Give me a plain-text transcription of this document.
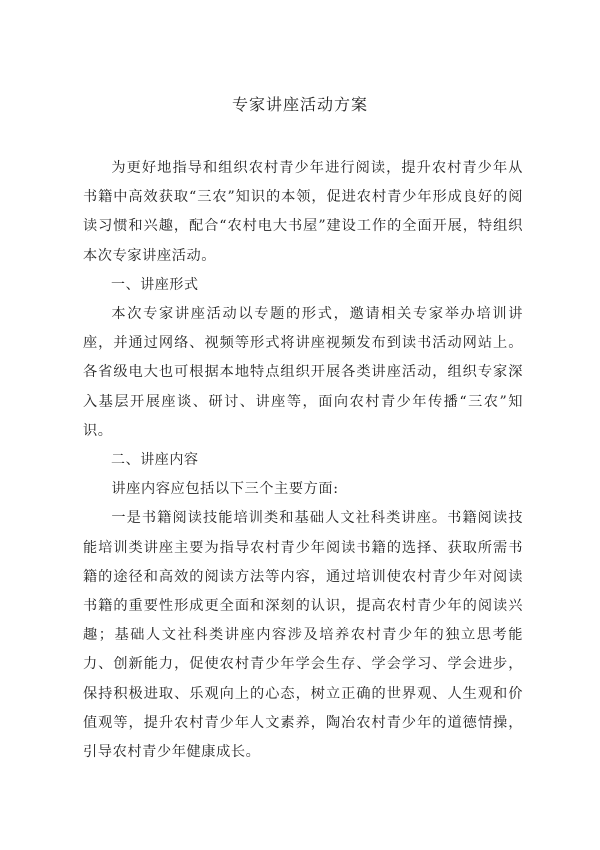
专家讲座活动方案

为更好地指导和组织农村青少年进行阅读，提升农村青少年从书籍中高效获取“三农”知识的本领，促进农村青少年形成良好的阅读习惯和兴趣，配合“农村电大书屋”建设工作的全面开展，特组织本次专家讲座活动。

一、讲座形式

本次专家讲座活动以专题的形式，邀请相关专家举办培训讲座，并通过网络、视频等形式将讲座视频发布到读书活动网站上。各省级电大也可根据本地特点组织开展各类讲座活动，组织专家深入基层开展座谈、研讨、讲座等，面向农村青少年传播“三农”知识。

二、讲座内容

讲座内容应包括以下三个主要方面:

一是书籍阅读技能培训类和基础人文社科类讲座。书籍阅读技能培训类讲座主要为指导农村青少年阅读书籍的选择、获取所需书籍的途径和高效的阅读方法等内容，通过培训使农村青少年对阅读书籍的重要性形成更全面和深刻的认识，提高农村青少年的阅读兴趣；基础人文社科类讲座内容涉及培养农村青少年的独立思考能力、创新能力，促使农村青少年学会生存、学会学习、学会进步，保持积极进取、乐观向上的心态，树立正确的世界观、人生观和价值观等，提升农村青少年人文素养，陶冶农村青少年的道德情操，引导农村青少年健康成长。
